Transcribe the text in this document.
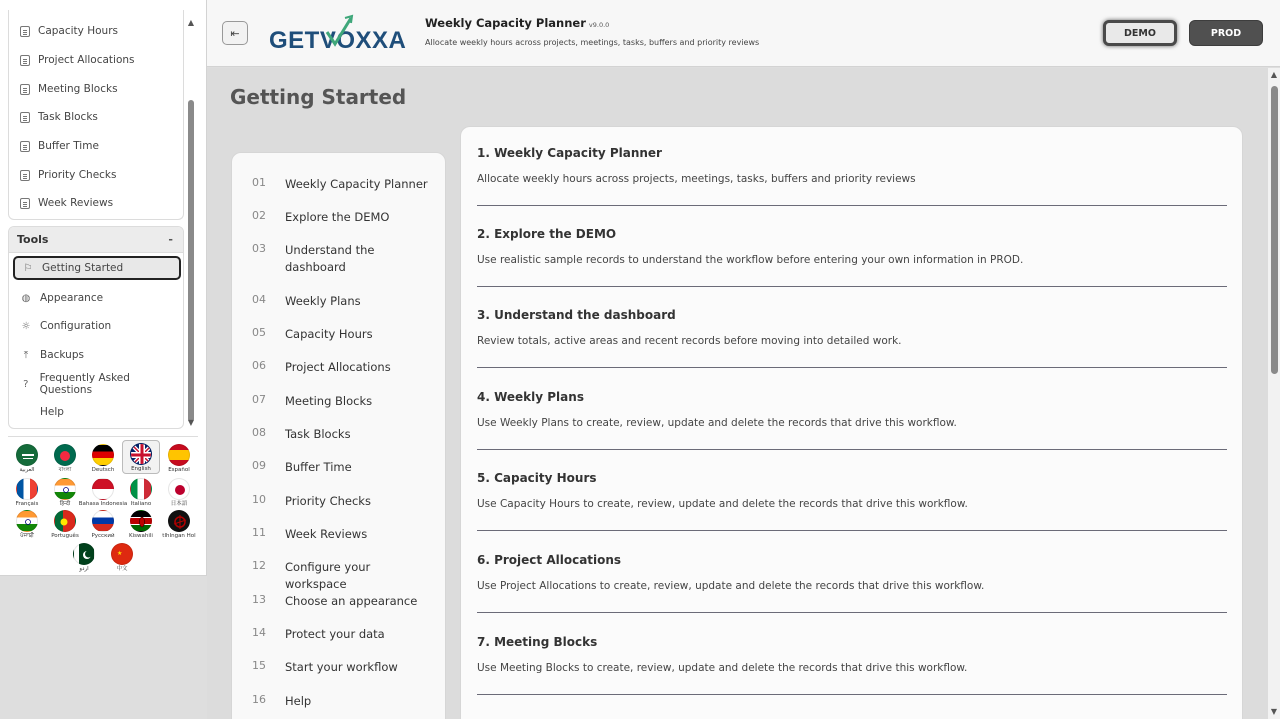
Capacity Hours
Project Allocations
Meeting Blocks
Task Blocks
Buffer Time
Priority Checks
Week Reviews
Tools	-
⚐ Getting Started
◍ Appearance
☼ Configuration
⤒	Backups
?	Frequently Asked Questions
Help
▲
▼
العربية	বাংলা	Deutsch	English	Español
Français	हिन्दी Bahasa Indonesia Italiano	日本語
ਪੰਜਾਬੀ	Português Русский	Kiswahili tlhIngan Hol
اردو
★
中文
⇤ GETVOXXA
Weekly Capacity Planner v9.0.0
Allocate weekly hours across projects, meetings, tasks, buffers and priority reviews
DEMO	PROD
Getting Started
01	Weekly Capacity Planner
02	Explore the DEMO
03	Understand the dashboard
04	Weekly Plans
05	Capacity Hours
06	Project Allocations
07	Meeting Blocks
08	Task Blocks
09	Buffer Time
10	Priority Checks
11	Week Reviews
12	Configure your workspace
13	Choose an appearance
14	Protect your data
15	Start your workflow
16	Help
1. Weekly Capacity Planner
Allocate weekly hours across projects, meetings, tasks, buffers and priority reviews
2. Explore the DEMO
Use realistic sample records to understand the workflow before entering your own information in PROD.
3. Understand the dashboard
Review totals, active areas and recent records before moving into detailed work.
4. Weekly Plans
Use Weekly Plans to create, review, update and delete the records that drive this workflow.
5. Capacity Hours
Use Capacity Hours to create, review, update and delete the records that drive this workflow.
6. Project Allocations
Use Project Allocations to create, review, update and delete the records that drive this workflow.
7. Meeting Blocks
Use Meeting Blocks to create, review, update and delete the records that drive this workflow.
▲
▼
